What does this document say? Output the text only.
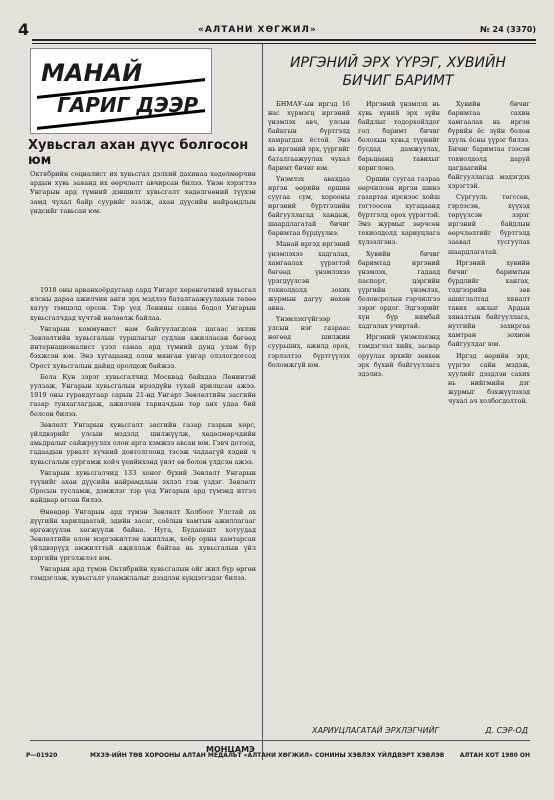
4	«АЛТАНИ ХӨГЖИЛ»	№ 24 (3370)
МАНАЙ
ГАРИГ ДЭЭР
Хувьсгал ахан дүүс болгосон юм
Октябрийн социалист их хувьсгал дэлхий дахинаа хөдөлмөрчин ардын хувь заяанд их өөрчлөлт авчирсан билээ. Үнэн хэрэгтээ Унгарын ард түмний дэвшилт хувьсгалт хөдөлгөөний түүхэн замд чухал байр суурийг эзэлж, ахан дүүсийн найрамдлын үндсийг тавьсан юм.

1918 оны арванхоёрдугаар сард Унгарт хөрөнгөтний хувьсгал ялсны дараа ажилчин анги эрх мэдлээ баталгаажуулахын төлөө хатуу тэмцэлд орсон. Тэр үед Ленины санаа бодол Унгарын хувьсгалчдад хүчтэй нөлөөлж байлаа.

Унгарын коммунист нам байгуулагдсан цагаас эхлэн Зөвлөлтийн хувьсгалын туршлагыг судлан ажилласан бөгөөд интернационалист үзэл санаа ард түмний дунд улам бүр бэхжсэн юм. Энэ хугацаанд олон мянган унгар олзлогдогсод Орост хувьсгалын дайнд оролцож байжээ.

Бела Кун зэрэг хувьсгалчид Москвад байхдаа Ленинтэй уулзаж, Унгарын хувьсгалын ирээдүйн тухай ярилцсан ажээ. 1919 оны гуравдугаар сарын 21-нд Унгарт Зөвлөлтийн засгийн газар тунхаглагдаж, ажилчин тариачдын төр анх удаа бий болсон билээ.

Зөвлөлт Унгарын хувьсгалт засгийн газар газрын хөрс, үйлдвэрийг улсын мэдэлд шилжүүлж, хөдөлмөрчдийн амьдралыг сайжруулах олон арга хэмжээ авсан юм. Гэвч дотоод, гадаадын урвалт хүчний довтолгоонд тэсэж чадаагүй хэдий ч хувьсгалын сургамж хойч үеийнхэнд үнэт өв болон үлдсэн ажээ.

Унгарын хувьсгалчид 133 хоног бүхий Зөвлөлт Унгарын түүхийг ахан дүүсийн найрамдлын эхлэл гэж үздэг. Зөвлөлт Оросын тусламж, дэмжлэг тэр үед Унгарын ард түмэнд итгэл найдвар өгсөн билээ.

Өнөөдөр Унгарын ард түмэн Зөвлөлт Холбоот Улстай ах дүүгийн харилцаатай, эдийн засаг, соёлын хамтын ажиллагааг өргөжүүлэн хөгжүүлж байна. Нуга, Будапешт хотуудад Зөвлөлтийн олон мэргэжилтэн ажиллаж, хоёр орны хамтарсан үйлдвэрүүд амжилттай ажиллаж байгаа нь хувьсгалын үйл хэргийн үргэлжлэл юм.

Унгарын ард түмэн Октябрийн хувьсгалын ойг жил бүр өргөн тэмдэглэж, хувьсгалт уламжлалыг дээдлэн хүндэтгэдэг билээ.

МОНЦАМЭ
ИРГЭНИЙ ЭРХ ҮҮРЭГ, ХУВИЙН БИЧИГ БАРИМТ

БНМАУ-ын иргэд 16 нас хүрмэгц иргэний үнэмлэх авч, улсын байнгын бүртгэлд хамрагдах ёстой. Энэ нь иргэний эрх, үүргийг баталгаажуулах чухал баримт бичиг юм.

Үнэмлэх авахдаа иргэн өөрийн оршин суугаа сум, хорооны иргэний бүртгэлийн байгууллагад хандаж, шаардлагатай бичиг баримтаа бүрдүүлнэ.

Манай иргэд иргэний үнэмлэхээ хадгалах, хамгаалах үүрэгтэй бөгөөд үнэмлэхээ үрэгдүүлсэн тохиолдолд зохих журмын дагуу нөхөн авна.

Үнэмлэхгүйгээр улсын нэг газраас нөгөөд шилжин суурьших, ажилд орох, гэрлэлтээ бүртгүүлэх боломжгүй юм.

Иргэний үнэмлэх нь хувь хүний эрх зүйн байдлыг тодорхойлдог гол баримт бичиг болохын хувьд түүнийг бусдад дамжуулах, барьцаанд тавихыг хориглоно.

Оршин суугаа газраа өөрчилсөн иргэн шинэ газартаа ирснээс хойш тогтоосон хугацаанд бүртгэлд орох үүрэгтэй. Энэ журмыг зөрчсөн тохиолдолд хариуцлага хүлээлгэнэ.

Хувийн бичиг баримтад иргэний үнэмлэх, гадаад паспорт, цэргийн үүргийн үнэмлэх, боловсролын гэрчилгээ зэрэг ордог. Эдгээрийг хүн бүр нямбай хадгалах учиртай.

Иргэний үнэмлэхэнд тэмдэглэл хийх, засвар оруулах эрхийг зөвхөн эрх бүхий байгууллага эдэлнэ.

Хувийн бичиг баримтаа сахин хамгаалах нь иргэн бүрийн ёс зүйн болон хууль ёсны үүрэг билээ. Бичиг баримтаа гээсэн тохиолдолд даруй цагдаагийн байгууллагад мэдэгдэх хэрэгтэй.

Сургууль төгссөн, гэрлэсэн, хүүхэд төрүүлсэн зэрэг иргэний байдлын өөрчлөлтийг бүртгэлд заавал тусгуулах шаардлагатай.

Иргэний хувийн бичиг баримтын бүрдлийг хангах, тэдгээрийн зөв ашиглалтад хяналт тавих ажлыг Ардын хяналтын байгууллага, нутгийн захиргаа хамтран зохион байгуулдаг юм.

Иргэд өөрийн эрх, үүргээ сайн мэдэж, хуулийг дээдлэн сахих нь нийгмийн дэг журмыг бэхжүүлэхэд чухал ач холбогдолтой.

ХАРИУЦЛАГАТАЙ ЭРХЛЭГЧИЙГ	Д. СЭР-ОД
Р—01920	МХЗЭ-ИЙН ТӨВ ХОРООНЫ АЛТАН МЕДАЛЬТ «АЛТАНИ ХӨГЖИЛ» СОНИНЫ ХЭВЛЭХ ҮЙЛДВЭРТ ХЭВЛЭВ	АЛТАН ХОТ 1980 ОН
